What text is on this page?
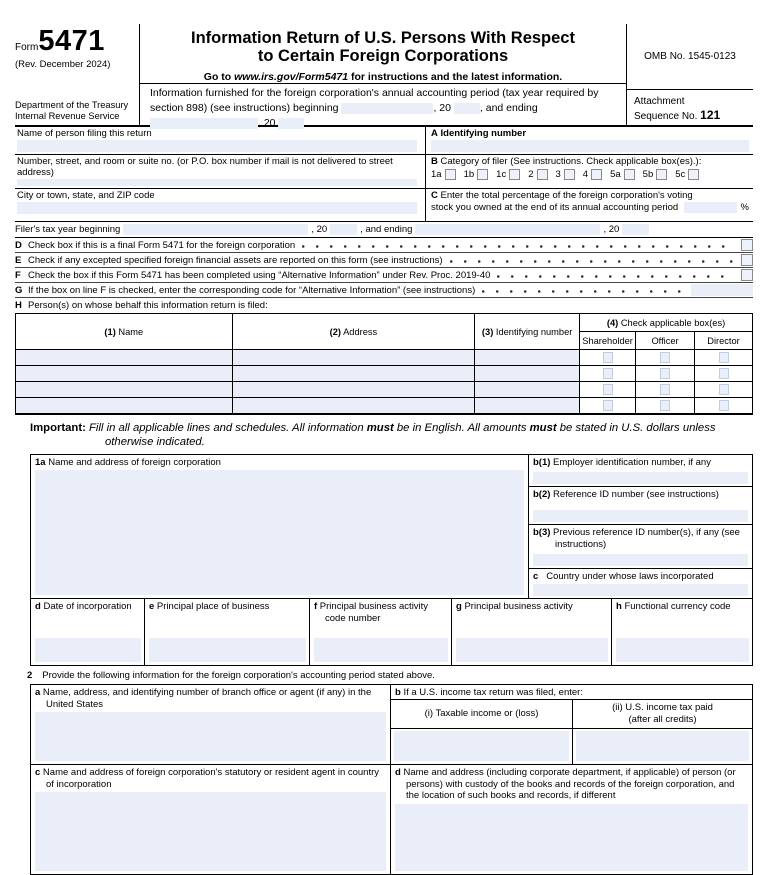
Form5471
(Rev. December 2024)
Department of the Treasury
Internal Revenue Service
Information Return of U.S. Persons With Respect
to Certain Foreign Corporations
Go to www.irs.gov/Form5471 for instructions and the latest information.
Information furnished for the foreign corporation's annual accounting period (tax year required by section 898) (see instructions) beginning	, 20	, and ending , 20
OMB No. 1545-0123
Attachment
Sequence No. 121
Name of person filing this return	A Identifying number
Number, street, and room or suite no. (or P.O. box number if mail is not delivered to street address)
B Category of filer (See instructions. Check applicable box(es).):
1a 1b 1c 2 3 4 5a 5b 5c
City or town, state, and ZIP code	C Enter the total percentage of the foreign corporation's voting
stock you owned at the end of its annual accounting period	%
Filer's tax year beginning	, 20	, and ending	, 20
D Check box if this is a final Form 5471 for the foreign corporation
E Check if any excepted specified foreign financial assets are reported on this form (see instructions)
F Check the box if this Form 5471 has been completed using “Alternative Information” under Rev. Proc. 2019-40
G If the box on line F is checked, enter the corresponding code for “Alternative Information” (see instructions)
H Person(s) on whose behalf this information return is filed:
(1) Name	(2) Address	(3) Identifying number	(4) Check applicable box(es)		
			Shareholder	Officer	Director

Important: Fill in all applicable lines and schedules. All information must be in English. All amounts must be stated in U.S. dollars unless otherwise indicated.
1a Name and address of foreign corporation	b(1) Employer identification number, if any
b(2) Reference ID number (see instructions)
b(3) Previous reference ID number(s), if any (see instructions)
c Country under whose laws incorporated
d Date of incorporation	e Principal place of business	f Principal business activity code number
g Principal business activity	h Functional currency code
2 Provide the following information for the foreign corporation's accounting period stated above.
a Name, address, and identifying number of branch office or agent (if any) in the United States
b If a U.S. income tax return was filed, enter:
(i) Taxable income or (loss)
(ii) U.S. income tax paid
(after all credits)
c Name and address of foreign corporation's statutory or resident agent in country of incorporation
d Name and address (including corporate department, if applicable) of person (or persons) with custody of the books and records of the foreign corporation, and the location of such books and records, if different
